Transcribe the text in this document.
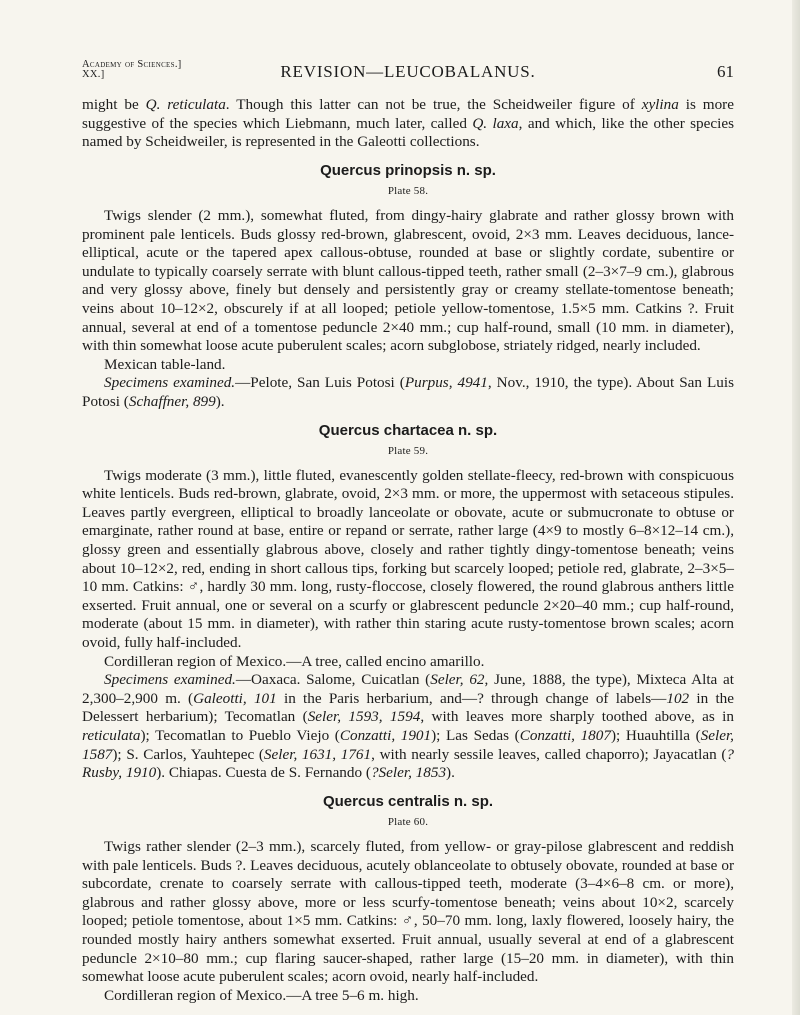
Academy of Sciences.]
XX.]	REVISION—LEUCOBALANUS.	61

might be Q. reticulata. Though this latter can not be true, the Scheidweiler figure of xylina is more suggestive of the species which Liebmann, much later, called Q. laxa, and which, like the other species named by Scheidweiler, is represented in the Galeotti collections.

Quercus prinopsis n. sp.
Plate 58.

Twigs slender (2 mm.), somewhat fluted, from dingy-hairy glabrate and rather glossy brown with prominent pale lenticels. Buds glossy red-brown, glabrescent, ovoid, 2×3 mm. Leaves deciduous, lance-elliptical, acute or the tapered apex callous-obtuse, rounded at base or slightly cordate, subentire or undulate to typically coarsely serrate with blunt callous-tipped teeth, rather small (2–3×7–9 cm.), glabrous and very glossy above, finely but densely and persistently gray or creamy stellate-tomentose beneath; veins about 10–12×2, obscurely if at all looped; petiole yellow-tomentose, 1.5×5 mm. Catkins ?. Fruit annual, several at end of a tomentose peduncle 2×40 mm.; cup half-round, small (10 mm. in diameter), with thin somewhat loose acute puberulent scales; acorn subglobose, striately ridged, nearly included.

Mexican table-land.

Specimens examined.—Pelote, San Luis Potosi (Purpus, 4941, Nov., 1910, the type). About San Luis Potosi (Schaffner, 899).

Quercus chartacea n. sp.
Plate 59.

Twigs moderate (3 mm.), little fluted, evanescently golden stellate-fleecy, red-brown with conspicuous white lenticels. Buds red-brown, glabrate, ovoid, 2×3 mm. or more, the uppermost with setaceous stipules. Leaves partly evergreen, elliptical to broadly lanceolate or obovate, acute or submucronate to obtuse or emarginate, rather round at base, entire or repand or serrate, rather large (4×9 to mostly 6–8×12–14 cm.), glossy green and essentially glabrous above, closely and rather tightly dingy-tomentose beneath; veins about 10–12×2, red, ending in short callous tips, forking but scarcely looped; petiole red, glabrate, 2–3×5–10 mm. Catkins: ♂, hardly 30 mm. long, rusty-floccose, closely flowered, the round glabrous anthers little exserted. Fruit annual, one or several on a scurfy or glabrescent peduncle 2×20–40 mm.; cup half-round, moderate (about 15 mm. in diameter), with rather thin staring acute rusty-tomentose brown scales; acorn ovoid, fully half-included.

Cordilleran region of Mexico.—A tree, called encino amarillo.

Specimens examined.—Oaxaca. Salome, Cuicatlan (Seler, 62, June, 1888, the type), Mixteca Alta at 2,300–2,900 m. (Galeotti, 101 in the Paris herbarium, and—? through change of labels—102 in the Delessert herbarium); Tecomatlan (Seler, 1593, 1594, with leaves more sharply toothed above, as in reticulata); Tecomatlan to Pueblo Viejo (Conzatti, 1901); Las Sedas (Conzatti, 1807); Huauhtilla (Seler, 1587); S. Carlos, Yauhtepec (Seler, 1631, 1761, with nearly sessile leaves, called chaporro); Jayacatlan (?Rusby, 1910). Chiapas. Cuesta de S. Fernando (?Seler, 1853).

Quercus centralis n. sp.
Plate 60.

Twigs rather slender (2–3 mm.), scarcely fluted, from yellow- or gray-pilose glabrescent and reddish with pale lenticels. Buds ?. Leaves deciduous, acutely oblanceolate to obtusely obovate, rounded at base or subcordate, crenate to coarsely serrate with callous-tipped teeth, moderate (3–4×6–8 cm. or more), glabrous and rather glossy above, more or less scurfy-tomentose beneath; veins about 10×2, scarcely looped; petiole tomentose, about 1×5 mm. Catkins: ♂, 50–70 mm. long, laxly flowered, loosely hairy, the rounded mostly hairy anthers somewhat exserted. Fruit annual, usually several at end of a glabrescent peduncle 2×10–80 mm.; cup flaring saucer-shaped, rather large (15–20 mm. in diameter), with thin somewhat loose acute puberulent scales; acorn ovoid, nearly half-included.

Cordilleran region of Mexico.—A tree 5–6 m. high.
